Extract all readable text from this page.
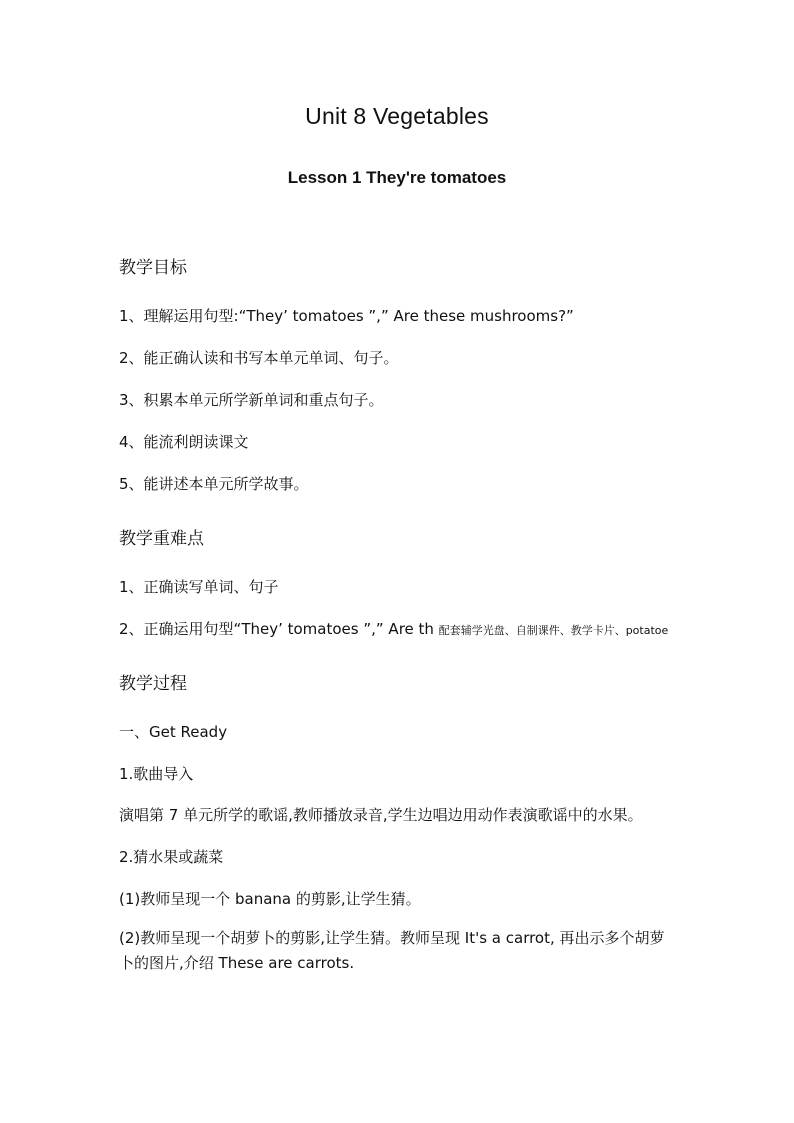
Unit 8 Vegetables
Lesson 1 They're tomatoes
教学目标
1、理解运用句型:“They’ tomatoes ”,” Are these mushrooms?”
2、能正确认读和书写本单元单词、句子。
3、积累本单元所学新单词和重点句子。
4、能流利朗读课文
5、能讲述本单元所学故事。
教学重难点
1、正确读写单词、句子
2、正确运用句型“They’ tomatoes ”,” Are th 配套辅学光盘、自制课件、教学卡片、potatoe
教学过程
一、Get Ready
1.歌曲导入
演唱第 7 单元所学的歌谣,教师播放录音,学生边唱边用动作表演歌谣中的水果。
2.猜水果或蔬菜
(1)教师呈现一个 banana 的剪影,让学生猜。
(2)教师呈现一个胡萝卜的剪影,让学生猜。教师呈现 It's a carrot, 再出示多个胡萝卜的图片,介绍 These are carrots.
